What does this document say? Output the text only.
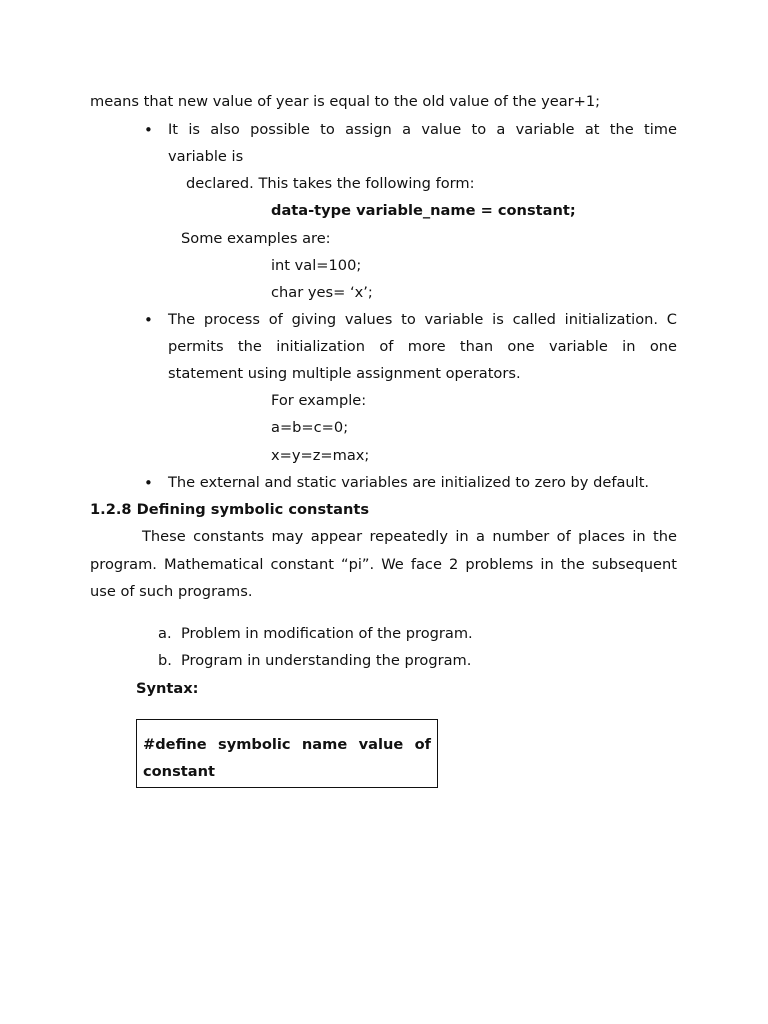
means that new value of year is equal to the old value of the year+1;
• It is also possible to assign a value to a variable at the time
variable is
declared. This takes the following form:
data-type variable_name = constant;
Some examples are:
int val=100;
char yes= ‘x’;
• The process of giving values to variable is called initialization. C
permits the initialization of more than one variable in one
statement using multiple assignment operators.
For example:
a=b=c=0;
x=y=z=max;
• The external and static variables are initialized to zero by default.
1.2.8 Defining symbolic constants
These constants may appear repeatedly in a number of places in the
program. Mathematical constant “pi”. We face 2 problems in the subsequent
use of such programs.
a. Problem in modification of the program.
b. Program in understanding the program.
Syntax:
#define symbolic name value of
constant
